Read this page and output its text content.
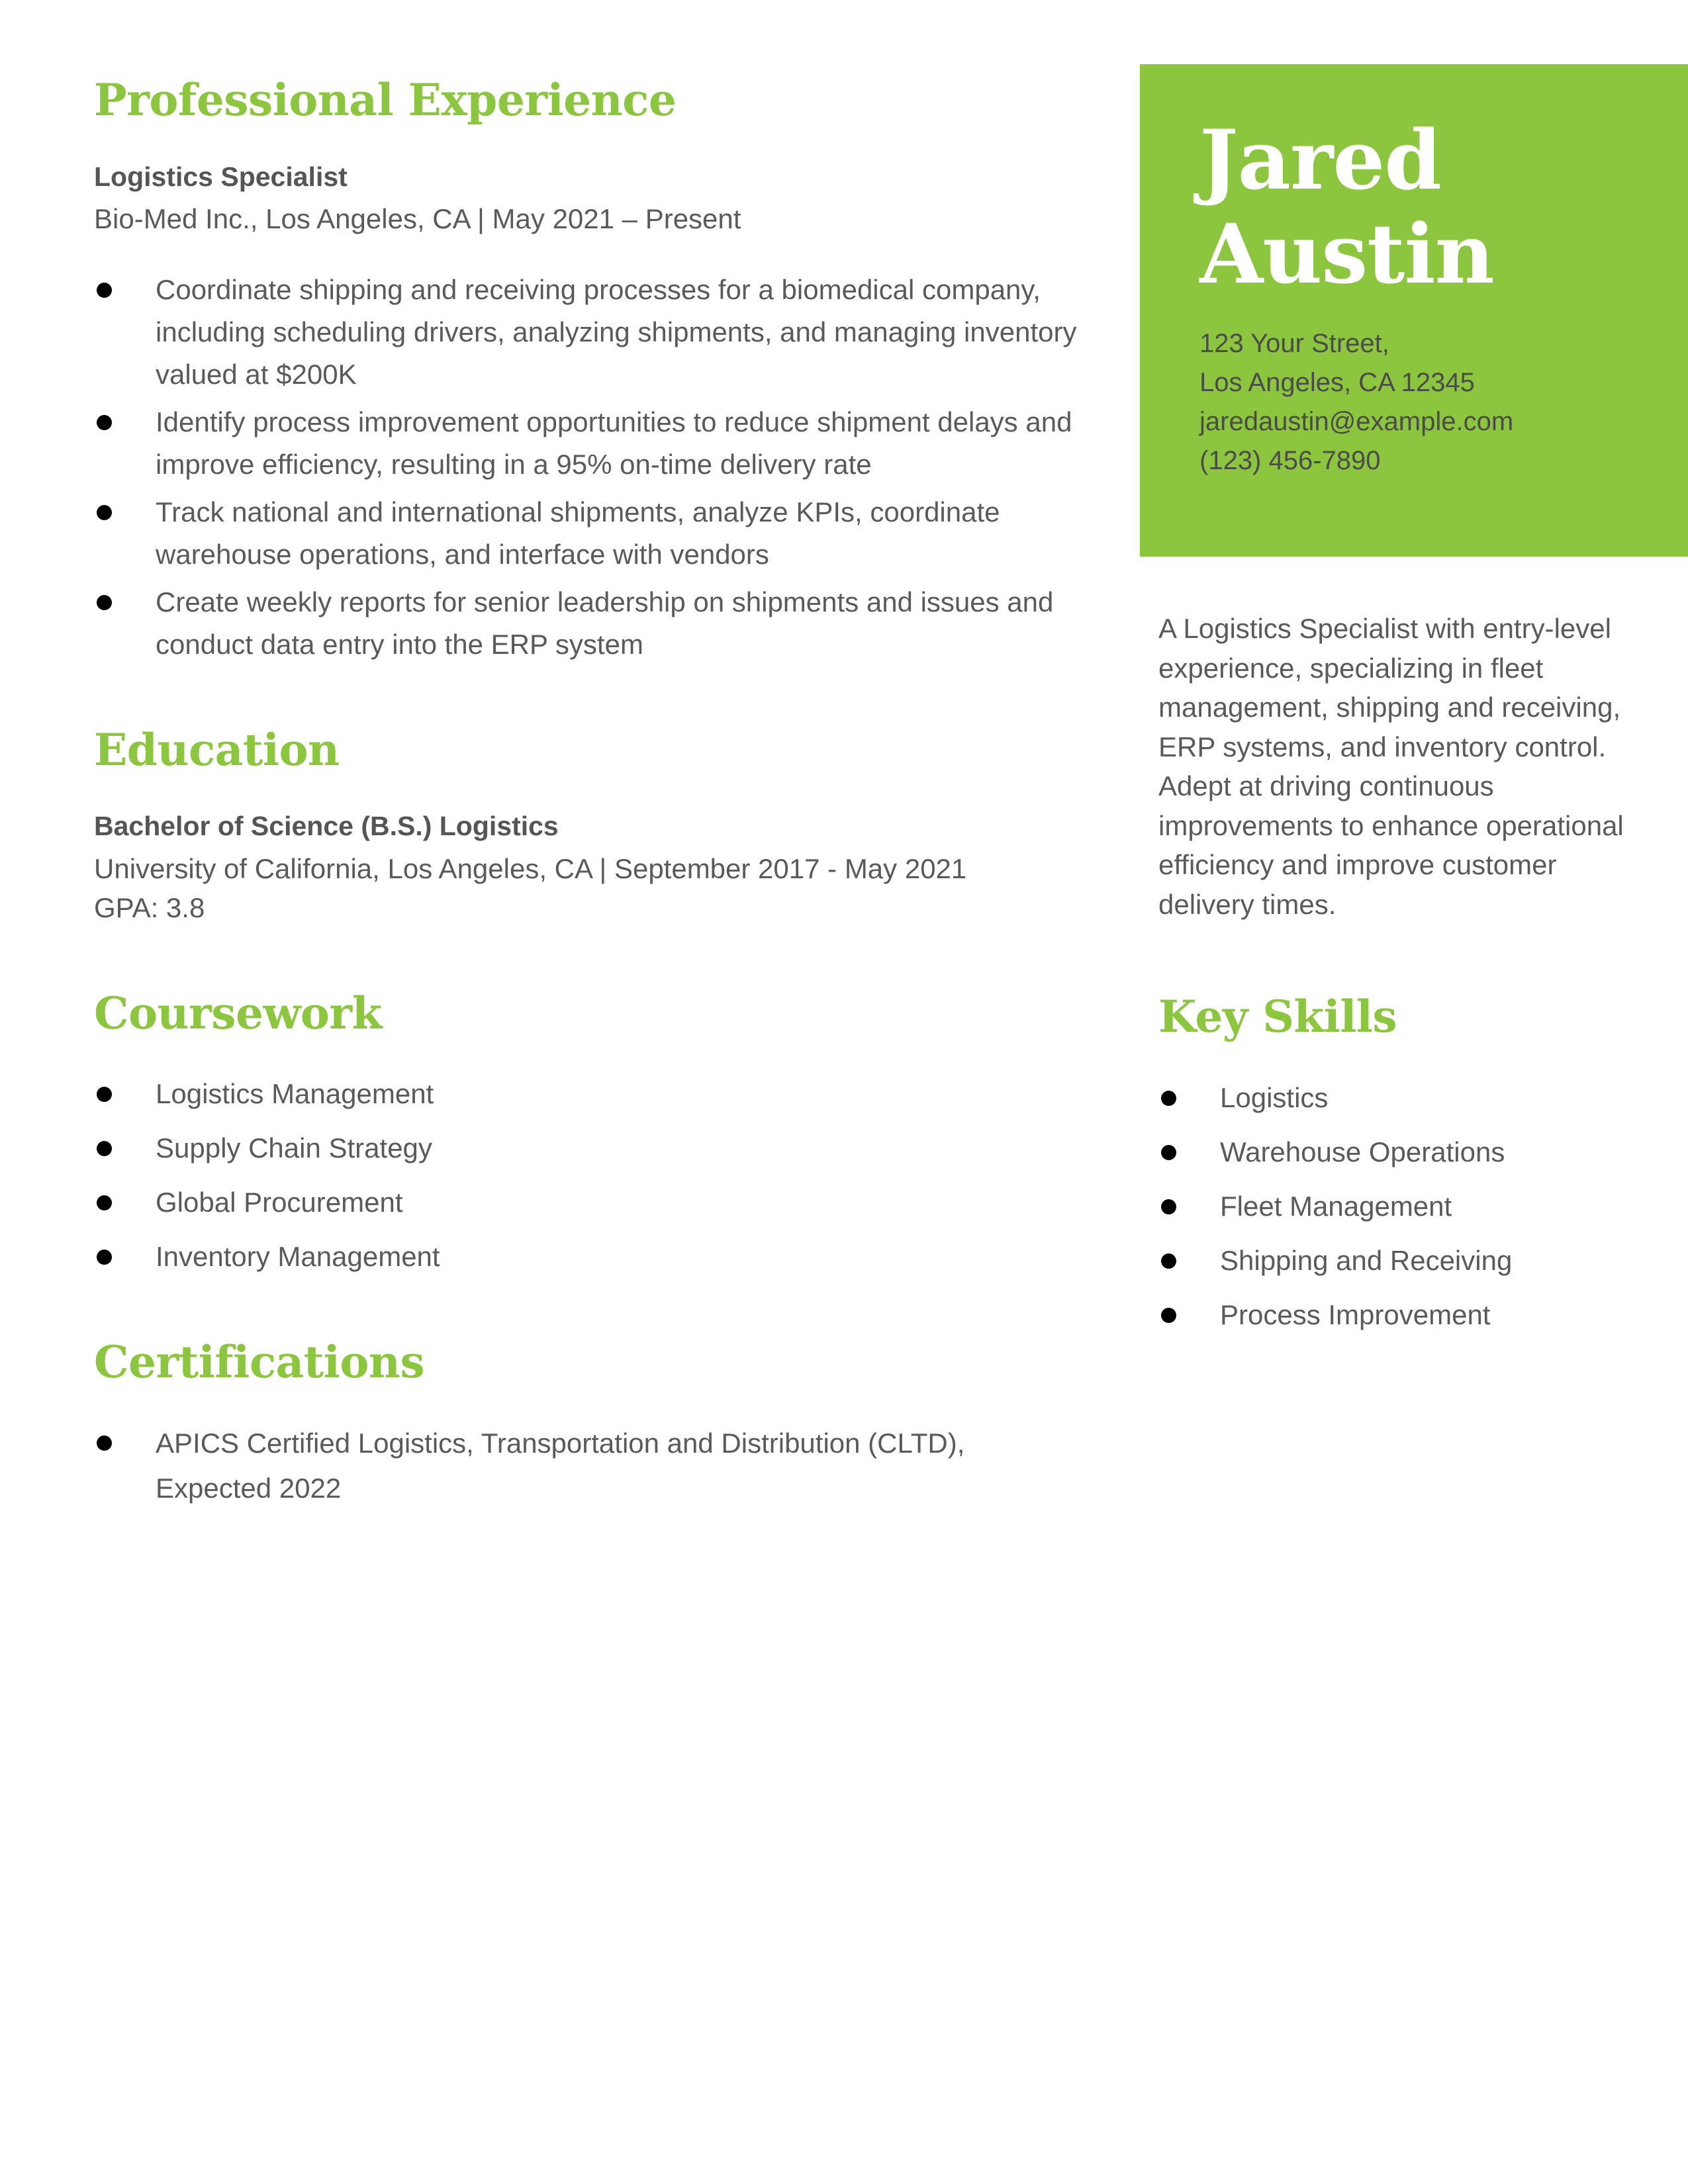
Professional Experience
Logistics Specialist
Bio-Med Inc., Los Angeles, CA | May 2021 – Present
Coordinate shipping and receiving processes for a biomedical company, including scheduling drivers, analyzing shipments, and managing inventory valued at $200K
Identify process improvement opportunities to reduce shipment delays and improve efficiency, resulting in a 95% on-time delivery rate
Track national and international shipments, analyze KPIs, coordinate warehouse operations, and interface with vendors
Create weekly reports for senior leadership on shipments and issues and conduct data entry into the ERP system
Education
Bachelor of Science (B.S.) Logistics
University of California, Los Angeles, CA | September 2017 - May 2021
GPA: 3.8
Coursework
Logistics Management
Supply Chain Strategy
Global Procurement
Inventory Management
Certifications
APICS Certified Logistics, Transportation and Distribution (CLTD), Expected 2022
Jared
Austin
123 Your Street,
Los Angeles, CA 12345
jaredaustin@example.com
(123) 456-7890

A Logistics Specialist with entry-level experience, specializing in fleet management, shipping and receiving, ERP systems, and inventory control. Adept at driving continuous improvements to enhance operational efficiency and improve customer delivery times.

Key Skills
Logistics
Warehouse Operations
Fleet Management
Shipping and Receiving
Process Improvement
